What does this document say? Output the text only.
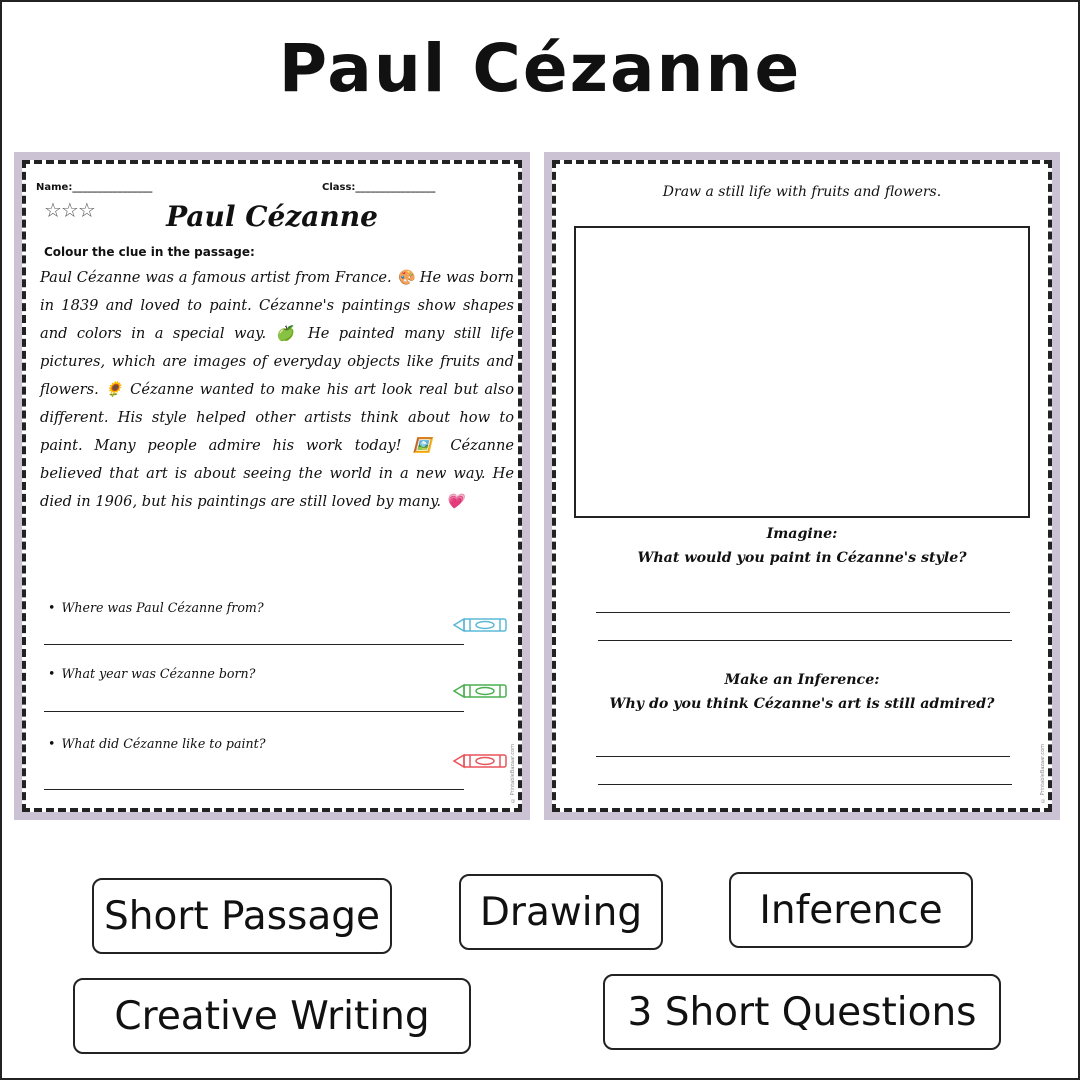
Paul Cézanne
Name:________________	Class:________________
☆☆☆	Paul Cézanne
Colour the clue in the passage:
Paul Cézanne was a famous artist from France. 🎨 He was born in 1839 and loved to paint. Cézanne's paintings show shapes and colors in a special way. 🍏 He painted many still life pictures, which are images of everyday objects like fruits and flowers. 🌻 Cézanne wanted to make his art look real but also different. His style helped other artists think about how to paint. Many people admire his work today! 🖼️ Cézanne believed that art is about seeing the world in a new way. He died in 1906, but his paintings are still loved by many. 💗
• Where was Paul Cézanne from?
• What year was Cézanne born?
• What did Cézanne like to paint?
© PrintableBazaar.com
Draw a still life with fruits and flowers.
Imagine:
What would you paint in Cézanne's style?
Make an Inference:
Why do you think Cézanne's art is still admired?
© PrintableBazaar.com
Short Passage	Drawing	Inference
Creative Writing	3 Short Questions
